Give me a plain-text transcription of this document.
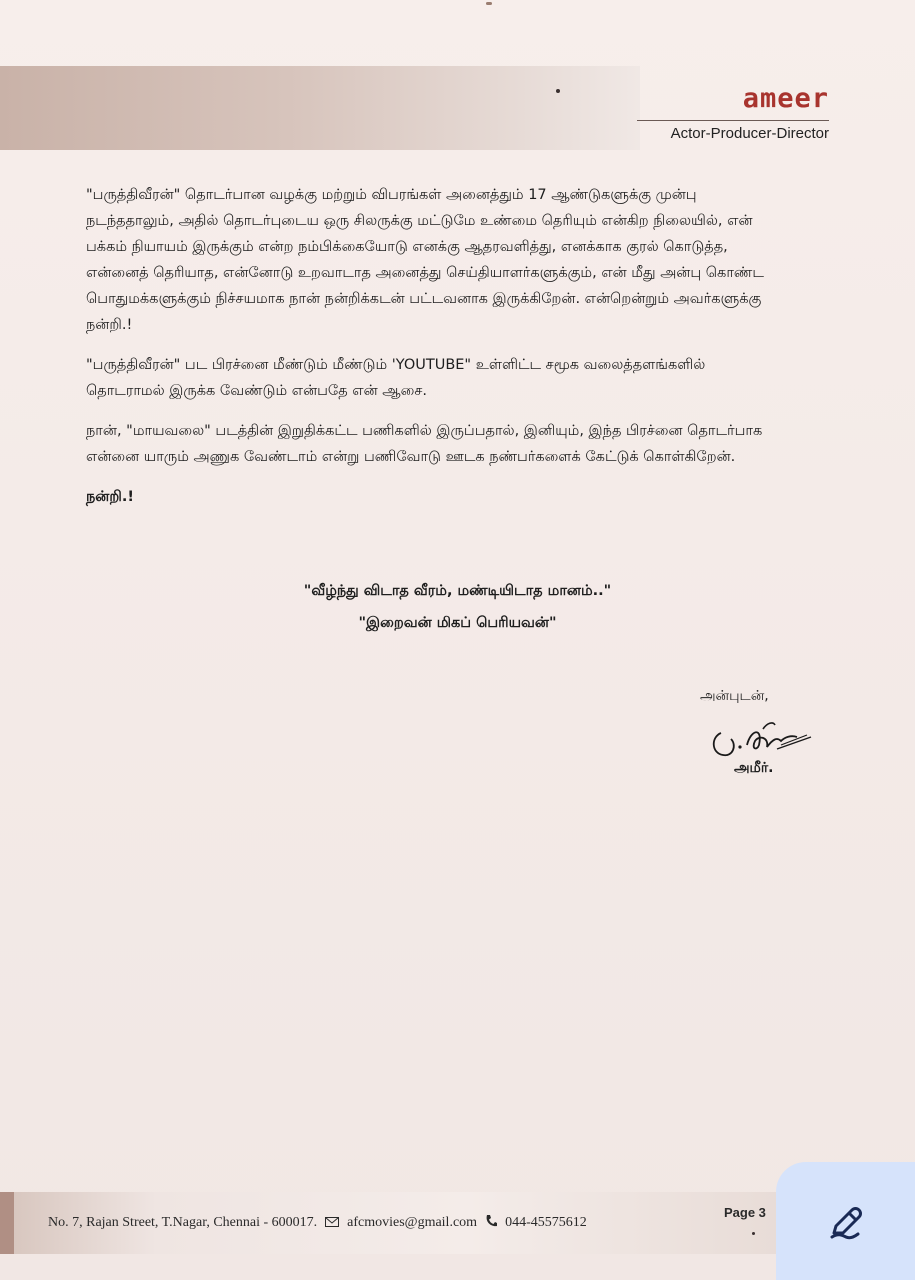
ameer
Actor-Producer-Director

"பருத்திவீரன்" தொடர்பான வழக்கு மற்றும் விபரங்கள் அனைத்தும் 17 ஆண்டுகளுக்கு முன்பு நடந்ததாலும், அதில் தொடர்புடைய ஒரு சிலருக்கு மட்டுமே உண்மை தெரியும் என்கிற நிலையில், என் பக்கம் நியாயம் இருக்கும் என்ற நம்பிக்கையோடு எனக்கு ஆதரவளித்து, எனக்காக குரல் கொடுத்த, என்னைத் தெரியாத, என்னோடு உறவாடாத அனைத்து செய்தியாளர்களுக்கும், என் மீது அன்பு கொண்ட பொதுமக்களுக்கும் நிச்சயமாக நான் நன்றிக்கடன் பட்டவனாக இருக்கிறேன். என்றென்றும் அவர்களுக்கு நன்றி.!

"பருத்திவீரன்" பட பிரச்னை மீண்டும் மீண்டும் 'YOUTUBE" உள்ளிட்ட சமூக வலைத்தளங்களில் தொடராமல் இருக்க வேண்டும் என்பதே என் ஆசை.

நான், "மாயவலை" படத்தின் இறுதிக்கட்ட பணிகளில் இருப்பதால், இனியும், இந்த பிரச்னை தொடர்பாக என்னை யாரும் அணுக வேண்டாம் என்று பணிவோடு ஊடக நண்பர்களைக் கேட்டுக் கொள்கிறேன்.

நன்றி.!

"வீழ்ந்து விடாத வீரம், மண்டியிடாத மானம்.."
"இறைவன் மிகப் பெரியவன்"
அன்புடன்,
அமீர்.
No. 7, Rajan Street, T.Nagar, Chennai - 600017. afcmovies@gmail.com 044-45575612
Page 3
